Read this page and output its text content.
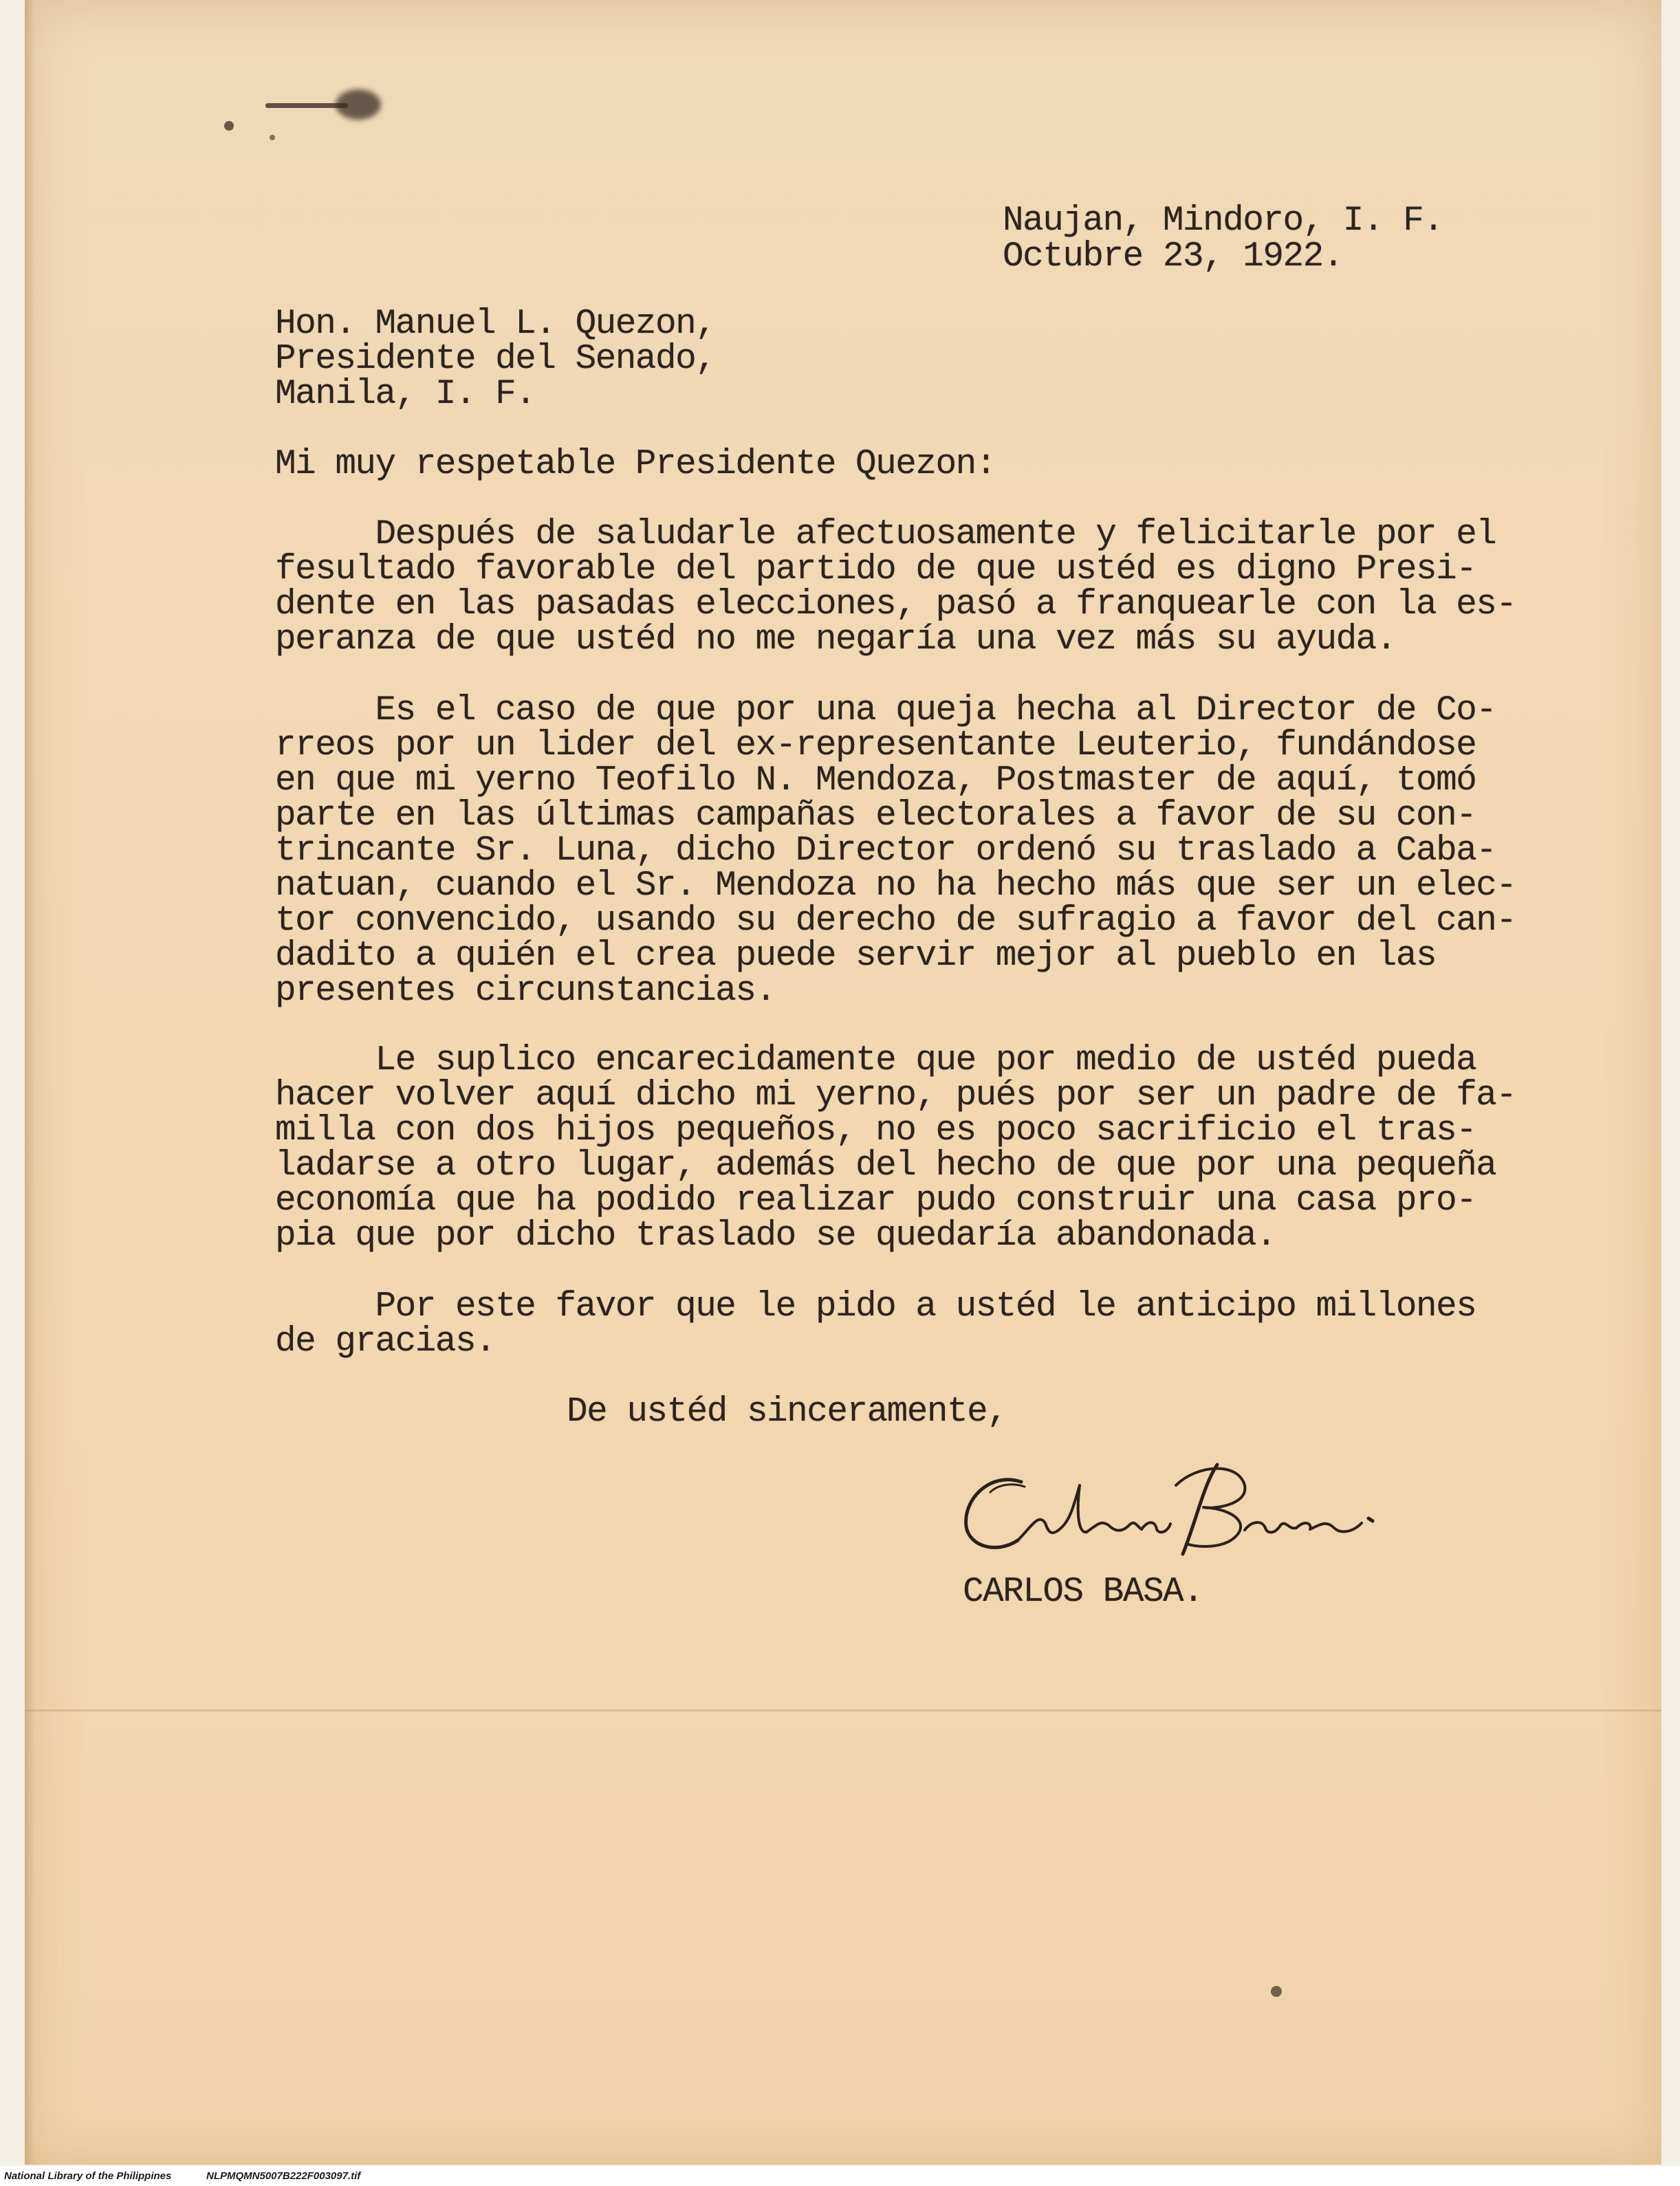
Naujan, Mindoro, I. F.

Octubre 23, 1922.

Hon. Manuel L. Quezon,

Presidente del Senado,

Manila, I. F.

Mi muy respetable Presidente Quezon:

Después de saludarle afectuosamente y felicitarle por el
fesultado favorable del partido de que ustéd es digno Presi-
dente en las pasadas elecciones, pasó a franquearle con la es-
peranza de que ustéd no me negaría una vez más su ayuda.
Es el caso de que por una queja hecha al Director de Co-
rreos por un lider del ex-representante Leuterio, fundándose
en que mi yerno Teofilo N. Mendoza, Postmaster de aquí, tomó
parte en las últimas campañas electorales a favor de su con-
trincante Sr. Luna, dicho Director ordenó su traslado a Caba-
natuan, cuando el Sr. Mendoza no ha hecho más que ser un elec-
tor convencido, usando su derecho de sufragio a favor del can-
dadito a quién el crea puede servir mejor al pueblo en las
presentes circunstancias.
Le suplico encarecidamente que por medio de ustéd pueda
hacer volver aquí dicho mi yerno, pués por ser un padre de fa-
milla con dos hijos pequeños, no es poco sacrificio el tras-
ladarse a otro lugar, además del hecho de que por una pequeña
economía que ha podido realizar pudo construir una casa pro-
pia que por dicho traslado se quedaría abandonada.
Por este favor que le pido a ustéd le anticipo millones
de gracias.

De ustéd sinceramente,

CARLOS BASA.

National Library of the Philippines	NLPMQMN5007B222F003097.tif
